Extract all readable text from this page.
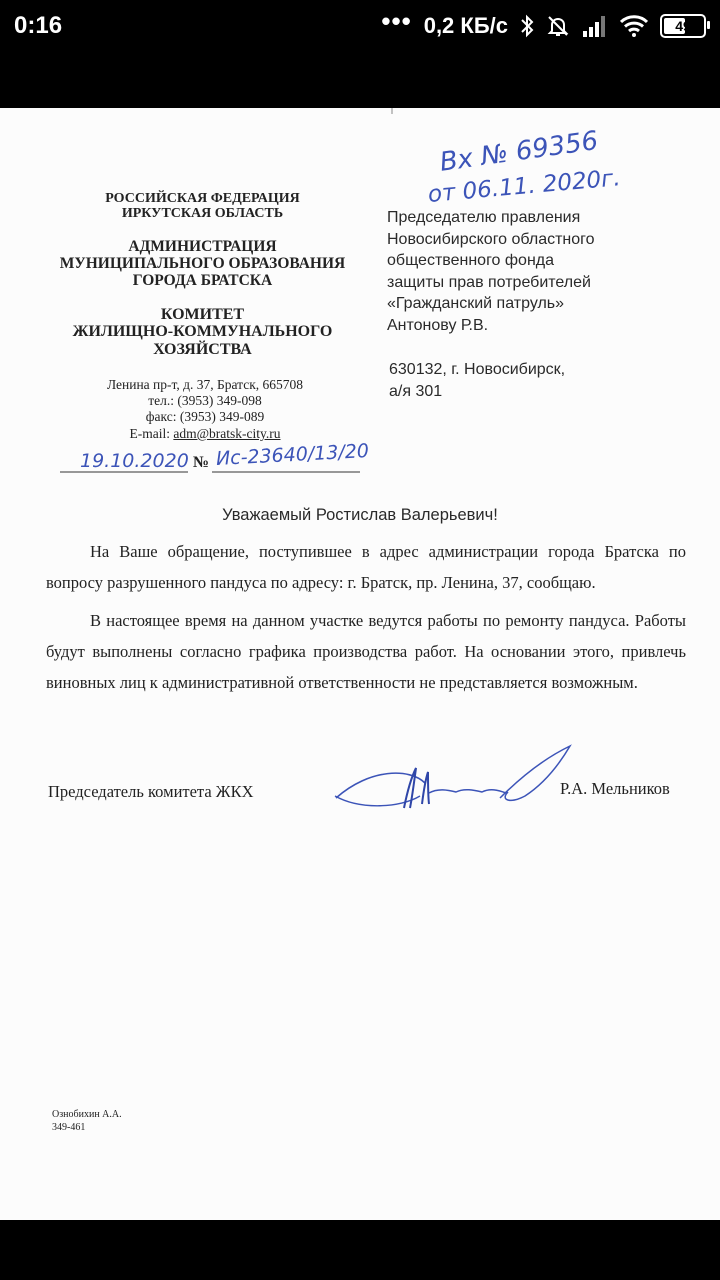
0:16	••• 0,2 КБ/с	49
РОССИЙСКАЯ ФЕДЕРАЦИЯ
ИРКУТСКАЯ ОБЛАСТЬ
АДМИНИСТРАЦИЯ
МУНИЦИПАЛЬНОГО ОБРАЗОВАНИЯ
ГОРОДА БРАТСКА
КОМИТЕТ
ЖИЛИЩНО-КОММУНАЛЬНОГО
ХОЗЯЙСТВА
Ленина пр-т, д. 37, Братск, 665708
тел.: (3953) 349-098
факс: (3953) 349-089
E-mail: adm@bratsk-city.ru
19.10.2020 № Ис-23640/13/20
Вх № 69356
от 06.11. 2020г.
Председателю правления
Новосибирского областного
общественного фонда
защиты прав потребителей
«Гражданский патруль»
Антонову Р.В.
630132, г. Новосибирск,
а/я 301
Уважаемый Ростислав Валерьевич!
На Ваше обращение, поступившее в адрес администрации города Братска по вопросу разрушенного пандуса по адресу: г. Братск, пр. Ленина, 37, сообщаю.
В настоящее время на данном участке ведутся работы по ремонту пандуса. Работы будут выполнены согласно графика производства работ. На основании этого, привлечь виновных лиц к административной ответственности не представляется возможным.
Председатель комитета ЖКХ	Р.А. Мельников
Ознобихин А.А.
349-461
